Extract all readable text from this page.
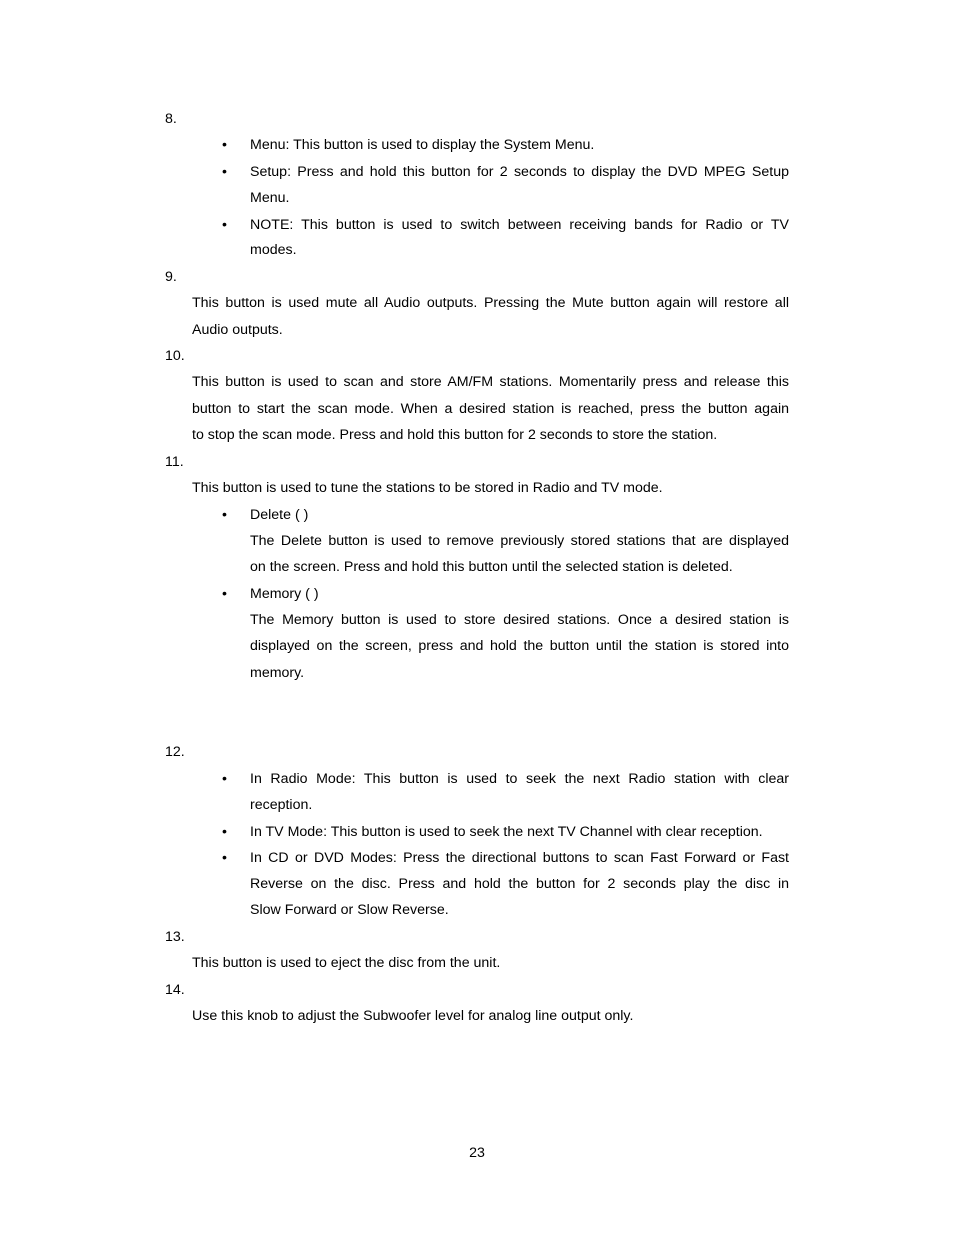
8.
• Menu: This button is used to display the System Menu.
• Setup: Press and hold this button for 2 seconds to display the DVD MPEG Setup
Menu.
• NOTE: This button is used to switch between receiving bands for Radio or TV
modes.
9.
This button is used mute all Audio outputs. Pressing the Mute button again will restore all
Audio outputs.
10.
This button is used to scan and store AM/FM stations. Momentarily press and release this
button to start the scan mode. When a desired station is reached, press the button again
to stop the scan mode. Press and hold this button for 2 seconds to store the station.
11.
This button is used to tune the stations to be stored in Radio and TV mode.
• Delete ( )
The Delete button is used to remove previously stored stations that are displayed
on the screen. Press and hold this button until the selected station is deleted.
• Memory ( )
The Memory button is used to store desired stations. Once a desired station is
displayed on the screen, press and hold the button until the station is stored into
memory.
12.
• In Radio Mode: This button is used to seek the next Radio station with clear
reception.
• In TV Mode: This button is used to seek the next TV Channel with clear reception.
• In CD or DVD Modes: Press the directional buttons to scan Fast Forward or Fast
Reverse on the disc. Press and hold the button for 2 seconds play the disc in
Slow Forward or Slow Reverse.
13.
This button is used to eject the disc from the unit.
14.
Use this knob to adjust the Subwoofer level for analog line output only.
23
